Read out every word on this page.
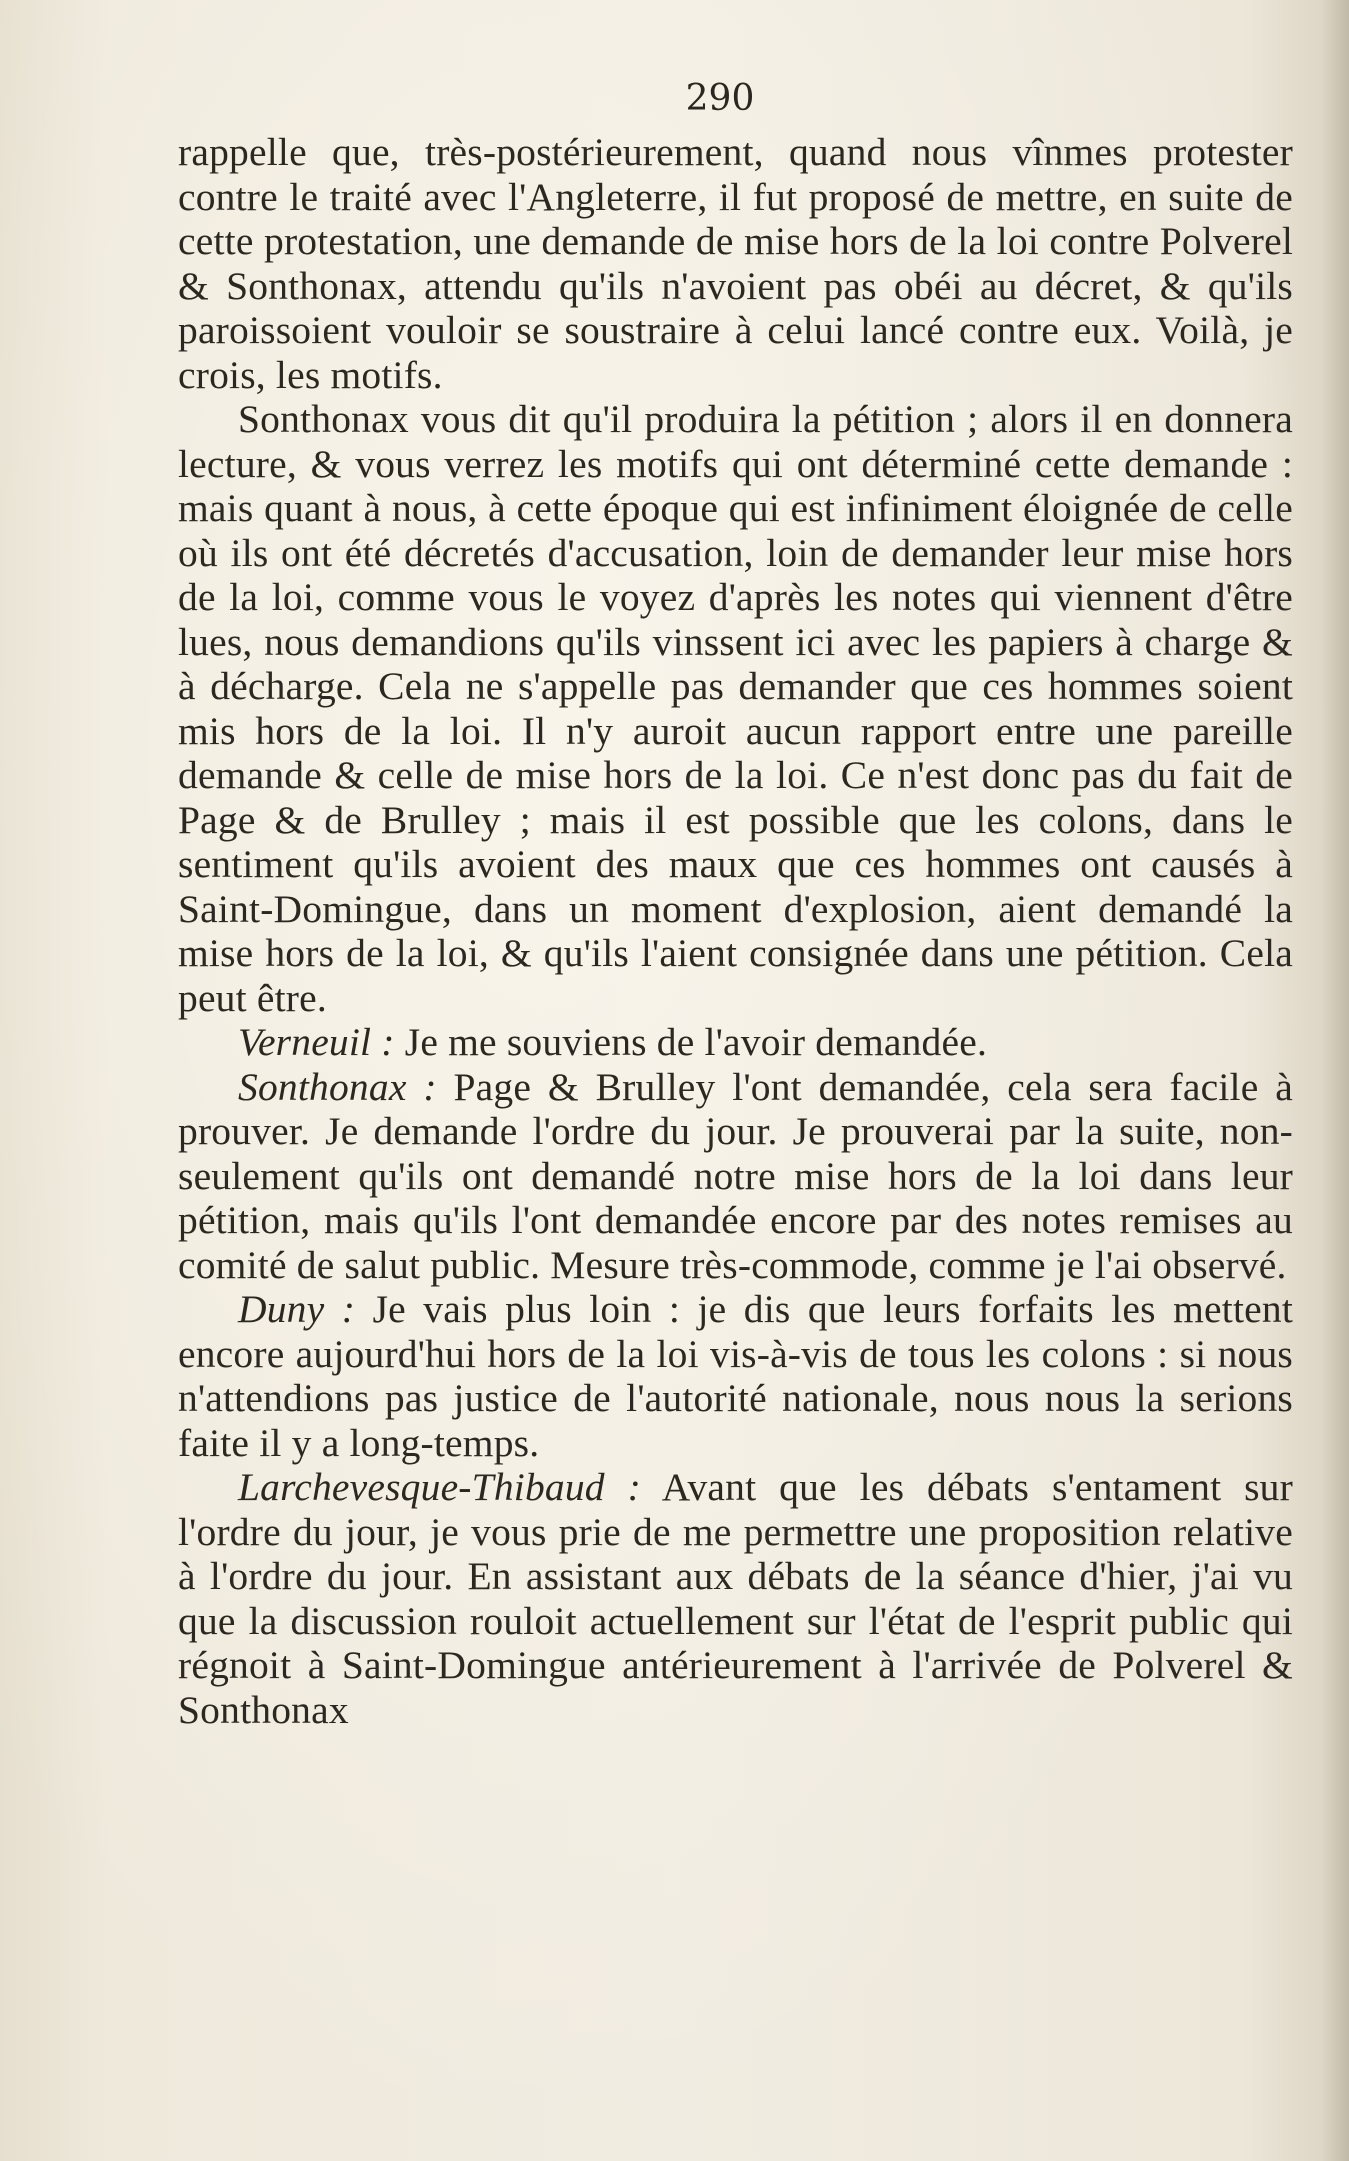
290

rappelle que, très-postérieurement, quand nous vînmes protester contre le traité avec l'Angleterre, il fut proposé de mettre, en suite de cette protestation, une demande de mise hors de la loi contre Polverel & Sonthonax, attendu qu'ils n'avoient pas obéi au décret, & qu'ils paroissoient vouloir se soustraire à celui lancé contre eux. Voilà, je crois, les motifs.

Sonthonax vous dit qu'il produira la pétition ; alors il en donnera lecture, & vous verrez les motifs qui ont déterminé cette demande : mais quant à nous, à cette époque qui est infiniment éloignée de celle où ils ont été décretés d'accusation, loin de demander leur mise hors de la loi, comme vous le voyez d'après les notes qui viennent d'être lues, nous demandions qu'ils vinssent ici avec les papiers à charge & à décharge. Cela ne s'appelle pas demander que ces hommes soient mis hors de la loi. Il n'y auroit aucun rapport entre une pareille demande & celle de mise hors de la loi. Ce n'est donc pas du fait de Page & de Brulley ; mais il est possible que les colons, dans le sentiment qu'ils avoient des maux que ces hommes ont causés à Saint-Domingue, dans un moment d'explosion, aient demandé la mise hors de la loi, & qu'ils l'aient consignée dans une pétition. Cela peut être.

Verneuil : Je me souviens de l'avoir demandée.

Sonthonax : Page & Brulley l'ont demandée, cela sera facile à prouver. Je demande l'ordre du jour. Je prouverai par la suite, non-seulement qu'ils ont demandé notre mise hors de la loi dans leur pétition, mais qu'ils l'ont demandée encore par des notes remises au comité de salut public. Mesure très-commode, comme je l'ai observé.

Duny : Je vais plus loin : je dis que leurs forfaits les mettent encore aujourd'hui hors de la loi vis-à-vis de tous les colons : si nous n'attendions pas justice de l'autorité nationale, nous nous la serions faite il y a long-temps.

Larchevesque-Thibaud : Avant que les débats s'entament sur l'ordre du jour, je vous prie de me permettre une proposition relative à l'ordre du jour. En assistant aux débats de la séance d'hier, j'ai vu que la discussion rouloit actuellement sur l'état de l'esprit public qui régnoit à Saint-Domingue antérieurement à l'arrivée de Polverel & Sonthonax
